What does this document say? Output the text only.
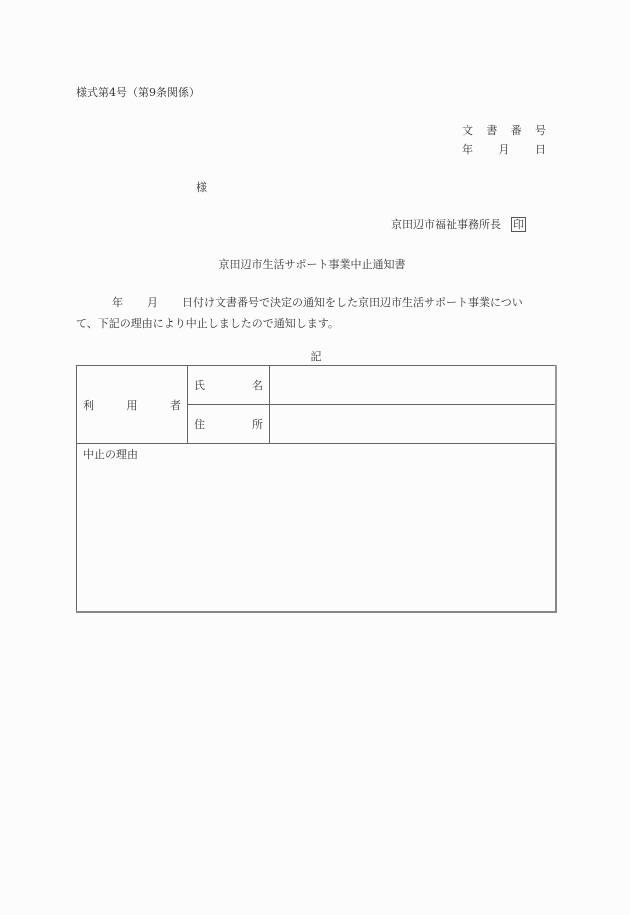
様式第4号（第9条関係）
文 書 番 号
年 月 日
様
京田辺市福祉事務所長 印
京田辺市生活サポート事業中止通知書
年 月 日付け文書番号で決定の通知をした京田辺市生活サポート事業につい
て、下記の理由により中止しましたので通知します。
記
利 用 者	氏 名	

	住 所	

中止の理由		
